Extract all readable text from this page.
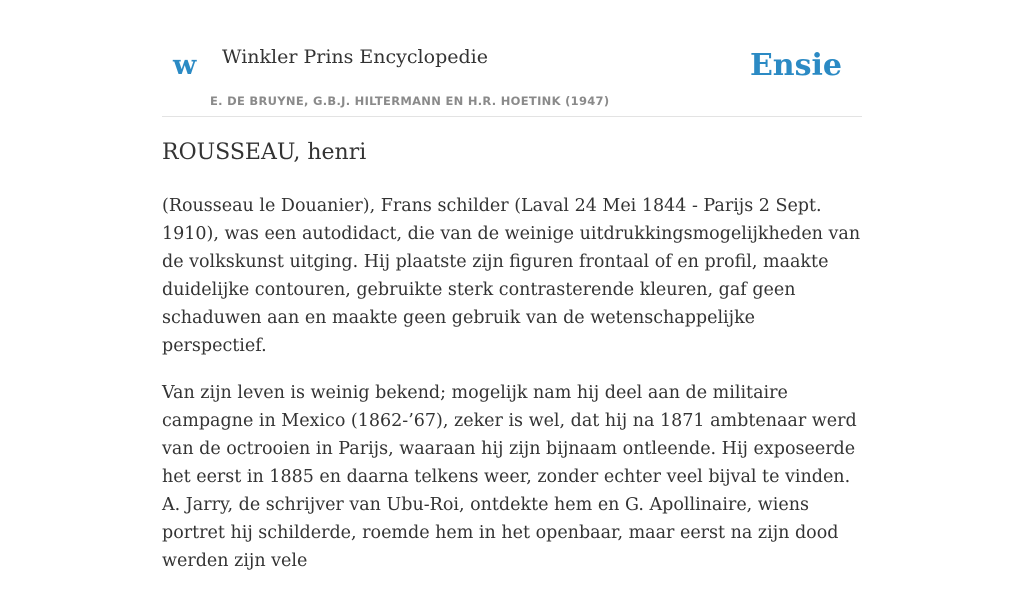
w Winkler Prins Encyclopedie
E. DE BRUYNE, G.B.J. HILTERMANN EN H.R. HOETINK (1947)
Ensie
ROUSSEAU, henri

(Rousseau le Douanier), Frans schilder (Laval 24 Mei 1844 - Parijs 2 Sept. 1910), was een autodidact, die van de weinige uitdrukkingsmogelijkheden van de volkskunst uitging. Hij plaatste zijn figuren frontaal of en profil, maakte duidelijke contouren, gebruikte sterk contrasterende kleuren, gaf geen schaduwen aan en maakte geen gebruik van de wetenschappelijke perspectief.

Van zijn leven is weinig bekend; mogelijk nam hij deel aan de militaire campagne in Mexico (1862-’67), zeker is wel, dat hij na 1871 ambtenaar werd van de octrooien in Parijs, waaraan hij zijn bijnaam ontleende. Hij exposeerde het eerst in 1885 en daarna telkens weer, zonder echter veel bijval te vinden. A. Jarry, de schrijver van Ubu-Roi, ontdekte hem en G. Apollinaire, wiens portret hij schilderde, roemde hem in het openbaar, maar eerst na zijn dood werden zijn vele
